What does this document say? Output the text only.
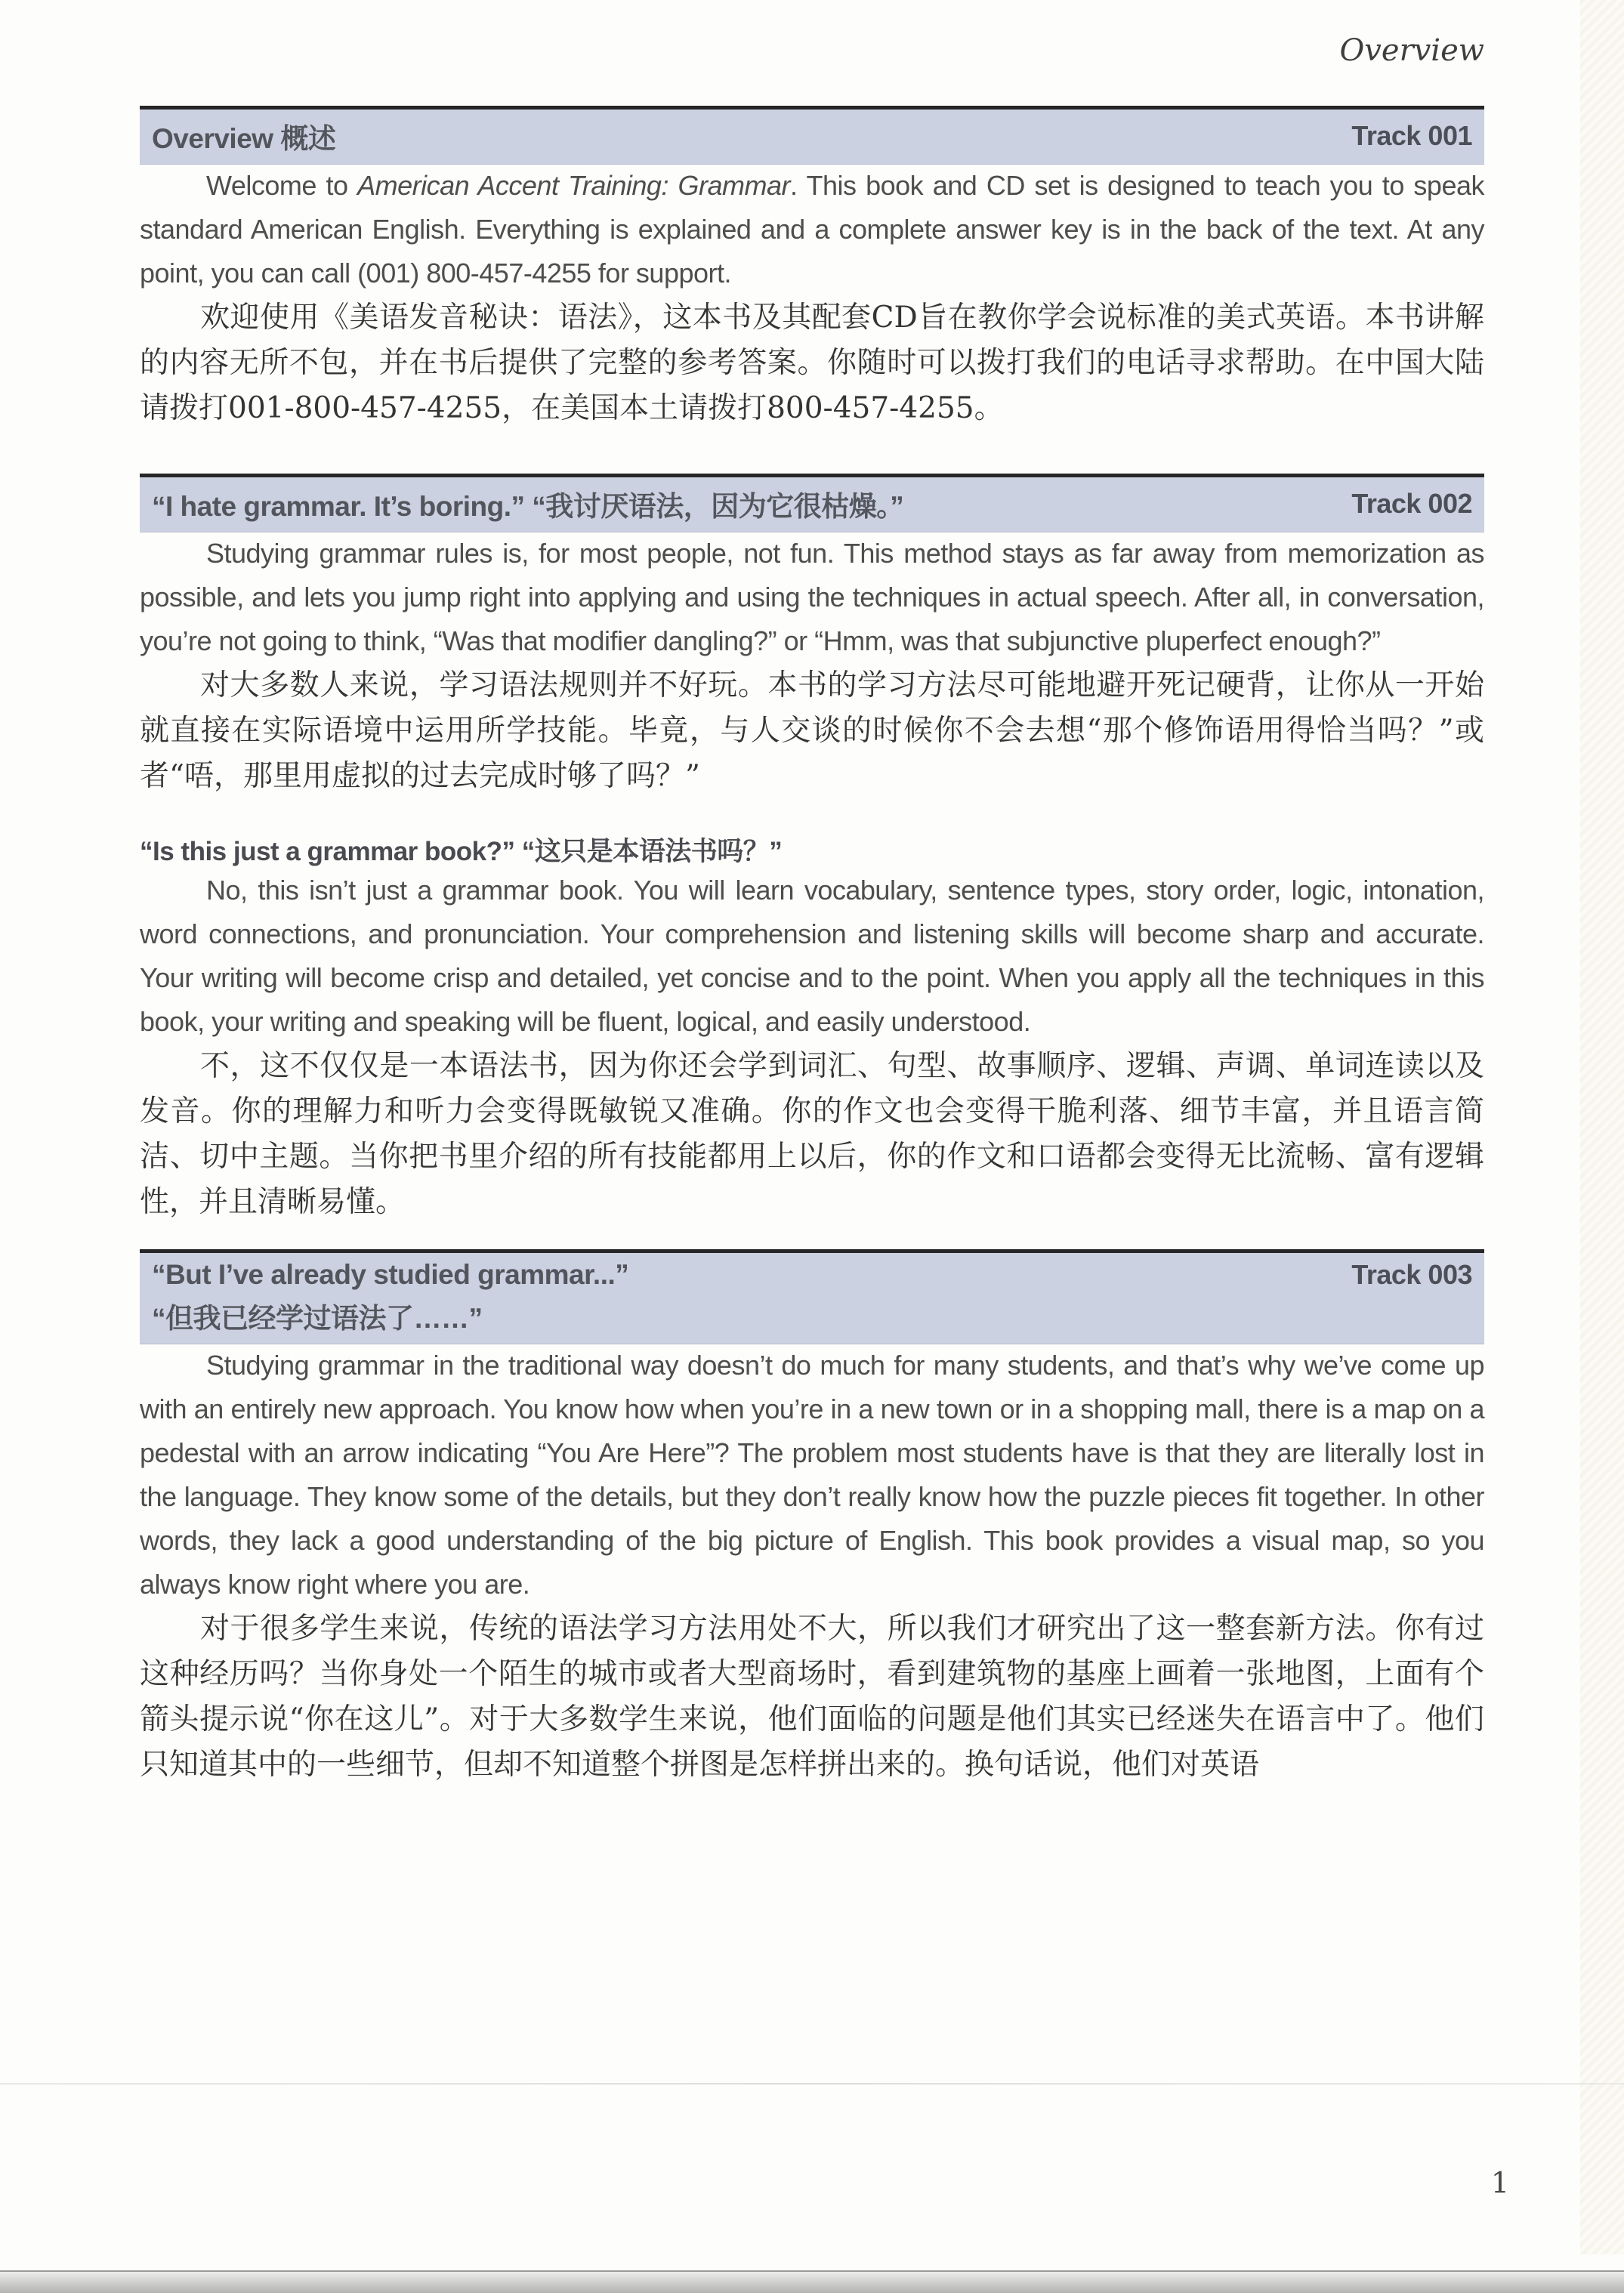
Overview
Overview 概述	Track 001

Welcome to American Accent Training: Grammar. This book and CD set is designed to teach you to speak standard American English. Everything is explained and a complete answer key is in the back of the text. At any point, you can call (001) 800-457-4255 for support.

欢迎使用《美语发音秘诀：语法》，这本书及其配套CD旨在教你学会说标准的美式英语。本书讲解的内容无所不包，并在书后提供了完整的参考答案。你随时可以拨打我们的电话寻求帮助。在中国大陆请拨打001-800-457-4255，在美国本土请拨打800-457-4255。

“I hate grammar. It’s boring.” “我讨厌语法，因为它很枯燥。”	Track 002

Studying grammar rules is, for most people, not fun. This method stays as far away from memorization as possible, and lets you jump right into applying and using the techniques in actual speech. After all, in conversation, you’re not going to think, “Was that modifier dangling?” or “Hmm, was that subjunctive pluperfect enough?”

对大多数人来说，学习语法规则并不好玩。本书的学习方法尽可能地避开死记硬背，让你从一开始就直接在实际语境中运用所学技能。毕竟，与人交谈的时候你不会去想“那个修饰语用得恰当吗？”或者“唔，那里用虚拟的过去完成时够了吗？”

“Is this just a grammar book?” “这只是本语法书吗？”

No, this isn’t just a grammar book. You will learn vocabulary, sentence types, story order, logic, intonation, word connections, and pronunciation. Your comprehension and listening skills will become sharp and accurate. Your writing will become crisp and detailed, yet concise and to the point. When you apply all the techniques in this book, your writing and speaking will be fluent, logical, and easily understood.

不，这不仅仅是一本语法书，因为你还会学到词汇、句型、故事顺序、逻辑、声调、单词连读以及发音。你的理解力和听力会变得既敏锐又准确。你的作文也会变得干脆利落、细节丰富，并且语言简洁、切中主题。当你把书里介绍的所有技能都用上以后，你的作文和口语都会变得无比流畅、富有逻辑性，并且清晰易懂。

“But I’ve already studied grammar...”
“但我已经学过语法了……”
Track 003

Studying grammar in the traditional way doesn’t do much for many students, and that’s why we’ve come up with an entirely new approach. You know how when you’re in a new town or in a shopping mall, there is a map on a pedestal with an arrow indicating “You Are Here”? The problem most students have is that they are literally lost in the language. They know some of the details, but they don’t really know how the puzzle pieces fit together. In other words, they lack a good understanding of the big picture of English. This book provides a visual map, so you always know right where you are.

对于很多学生来说，传统的语法学习方法用处不大，所以我们才研究出了这一整套新方法。你有过这种经历吗？当你身处一个陌生的城市或者大型商场时，看到建筑物的基座上画着一张地图，上面有个箭头提示说“你在这儿”。对于大多数学生来说，他们面临的问题是他们其实已经迷失在语言中了。他们只知道其中的一些细节，但却不知道整个拼图是怎样拼出来的。换句话说，他们对英语

1
